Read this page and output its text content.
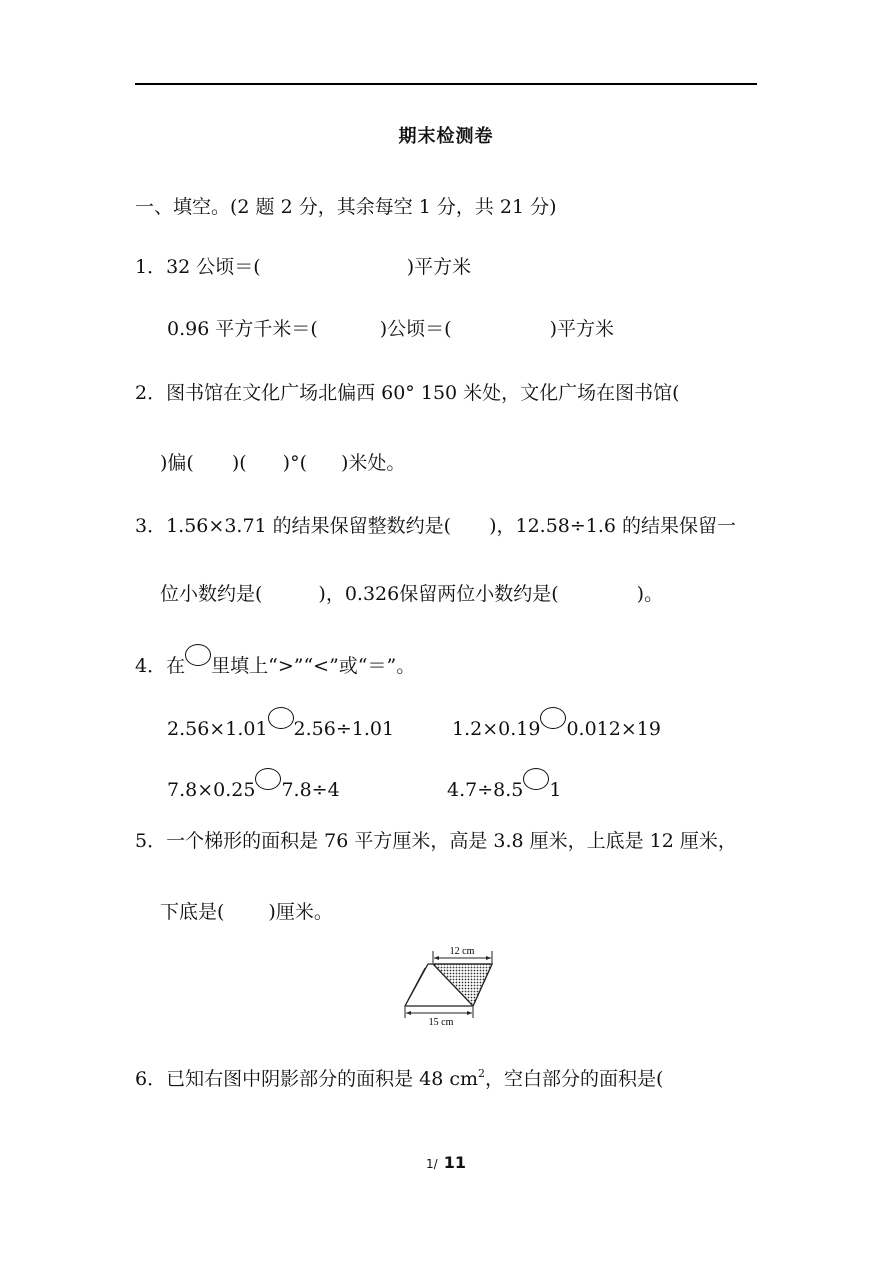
期末检测卷
一、填空。(2 题 2 分，其余每空 1 分，共 21 分)
1．32 公顷＝(	)平方米
0.96 平方千米＝(	)公顷＝(	)平方米
2．图书馆在文化广场北偏西 60° 150 米处，文化广场在图书馆(
)偏( )( )°( )米处。
3．1.56×3.71 的结果保留整数约是( )，12.58÷1.6 的结果保留一
位小数约是(	)，0.326保留两位小数约是(	)。
4．在 里填上“>”“<”或“＝”。
2.56×1.01 2.56÷1.01	1.2×0.19 0.012×19
7.8×0.25 7.8÷4	4.7÷8.5 1
5．一个梯形的面积是 76 平方厘米，高是 3.8 厘米，上底是 12 厘米，
下底是( )厘米。
12 cm
15 cm
6．已知右图中阴影部分的面积是 48 $cm^2$，空白部分的面积是(
1/ 11
